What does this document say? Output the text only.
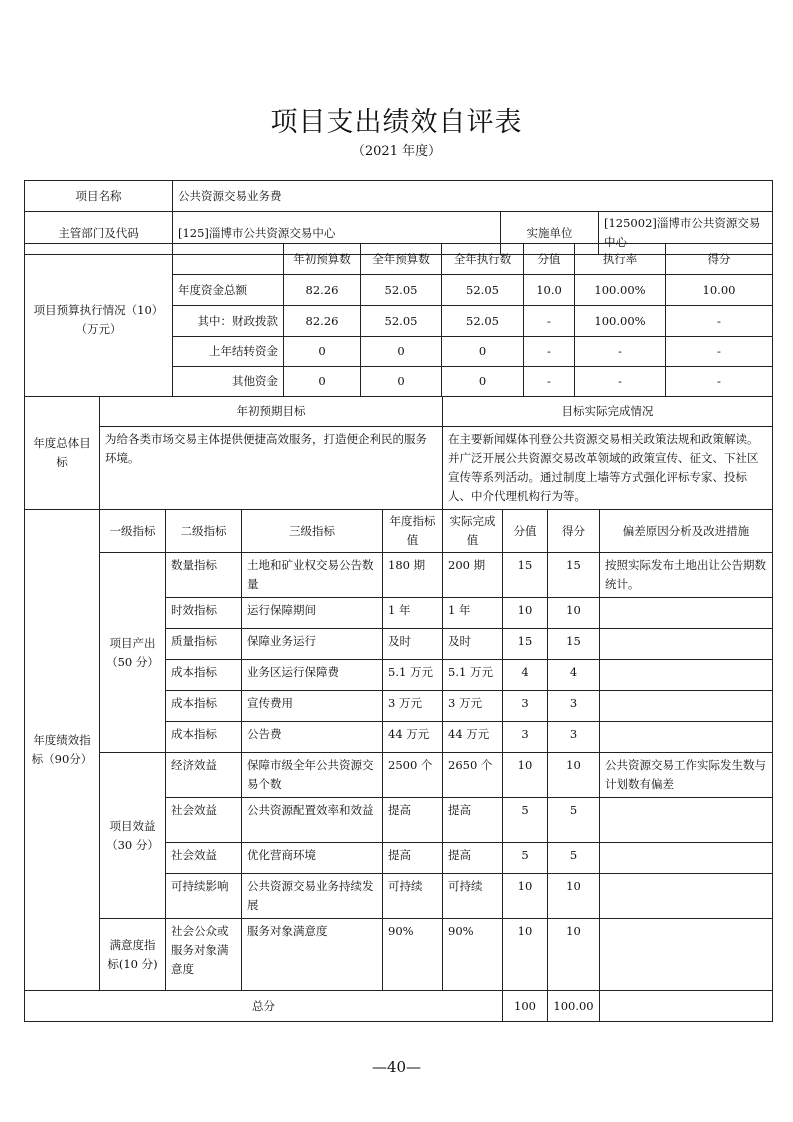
项目支出绩效自评表
（2021 年度）
项目名称	公共资源交易业务费		
主管部门及代码	[125]淄博市公共资源交易中心	实施单位	[125002]淄博市公共资源交易中心
项目预算执行情况（10）（万元）		年初预算数	全年预算数	全年执行数	分值	执行率	得分
	年度资金总额	82.26	52.05	52.05	10.0	100.00%	10.00
	其中：财政拨款	82.26	52.05	52.05	-	100.00%	-
	上年结转资金	0	0	0	-	-	-
	其他资金	0	0	0	-	-	-
年度总体目标	年初预期目标	目标实际完成情况
	为给各类市场交易主体提供便捷高效服务，打造便企利民的服务环境。	在主要新闻媒体刊登公共资源交易相关政策法规和政策解读。并广泛开展公共资源交易改革领域的政策宣传、征文、下社区宣传等系列活动。通过制度上墙等方式强化评标专家、投标人、中介代理机构行为等。
年度绩效指标（90分）	一级指标	二级指标	三级指标	年度指标值	实际完成值	分值	得分	偏差原因分析及改进措施
	项目产出（50 分）	数量指标	土地和矿业权交易公告数量	180 期	200 期	15	15	按照实际发布土地出让公告期数统计。
		时效指标	运行保障期间	1 年	1 年	10	10	
		质量指标	保障业务运行	及时	及时	15	15	
		成本指标	业务区运行保障费	5.1 万元	5.1 万元	4	4	
		成本指标	宣传费用	3 万元	3 万元	3	3	
		成本指标	公告费	44 万元	44 万元	3	3	
	项目效益（30 分）	经济效益	保障市级全年公共资源交易个数	2500 个	2650 个	10	10	公共资源交易工作实际发生数与计划数有偏差
		社会效益	公共资源配置效率和效益	提高	提高	5	5	
		社会效益	优化营商环境	提高	提高	5	5	
		可持续影响	公共资源交易业务持续发展	可持续	可持续	10	10	
	满意度指标(10 分)	社会公众或服务对象满意度	服务对象满意度	90%	90%	10	10	
总分						100	100.00	
—40—
